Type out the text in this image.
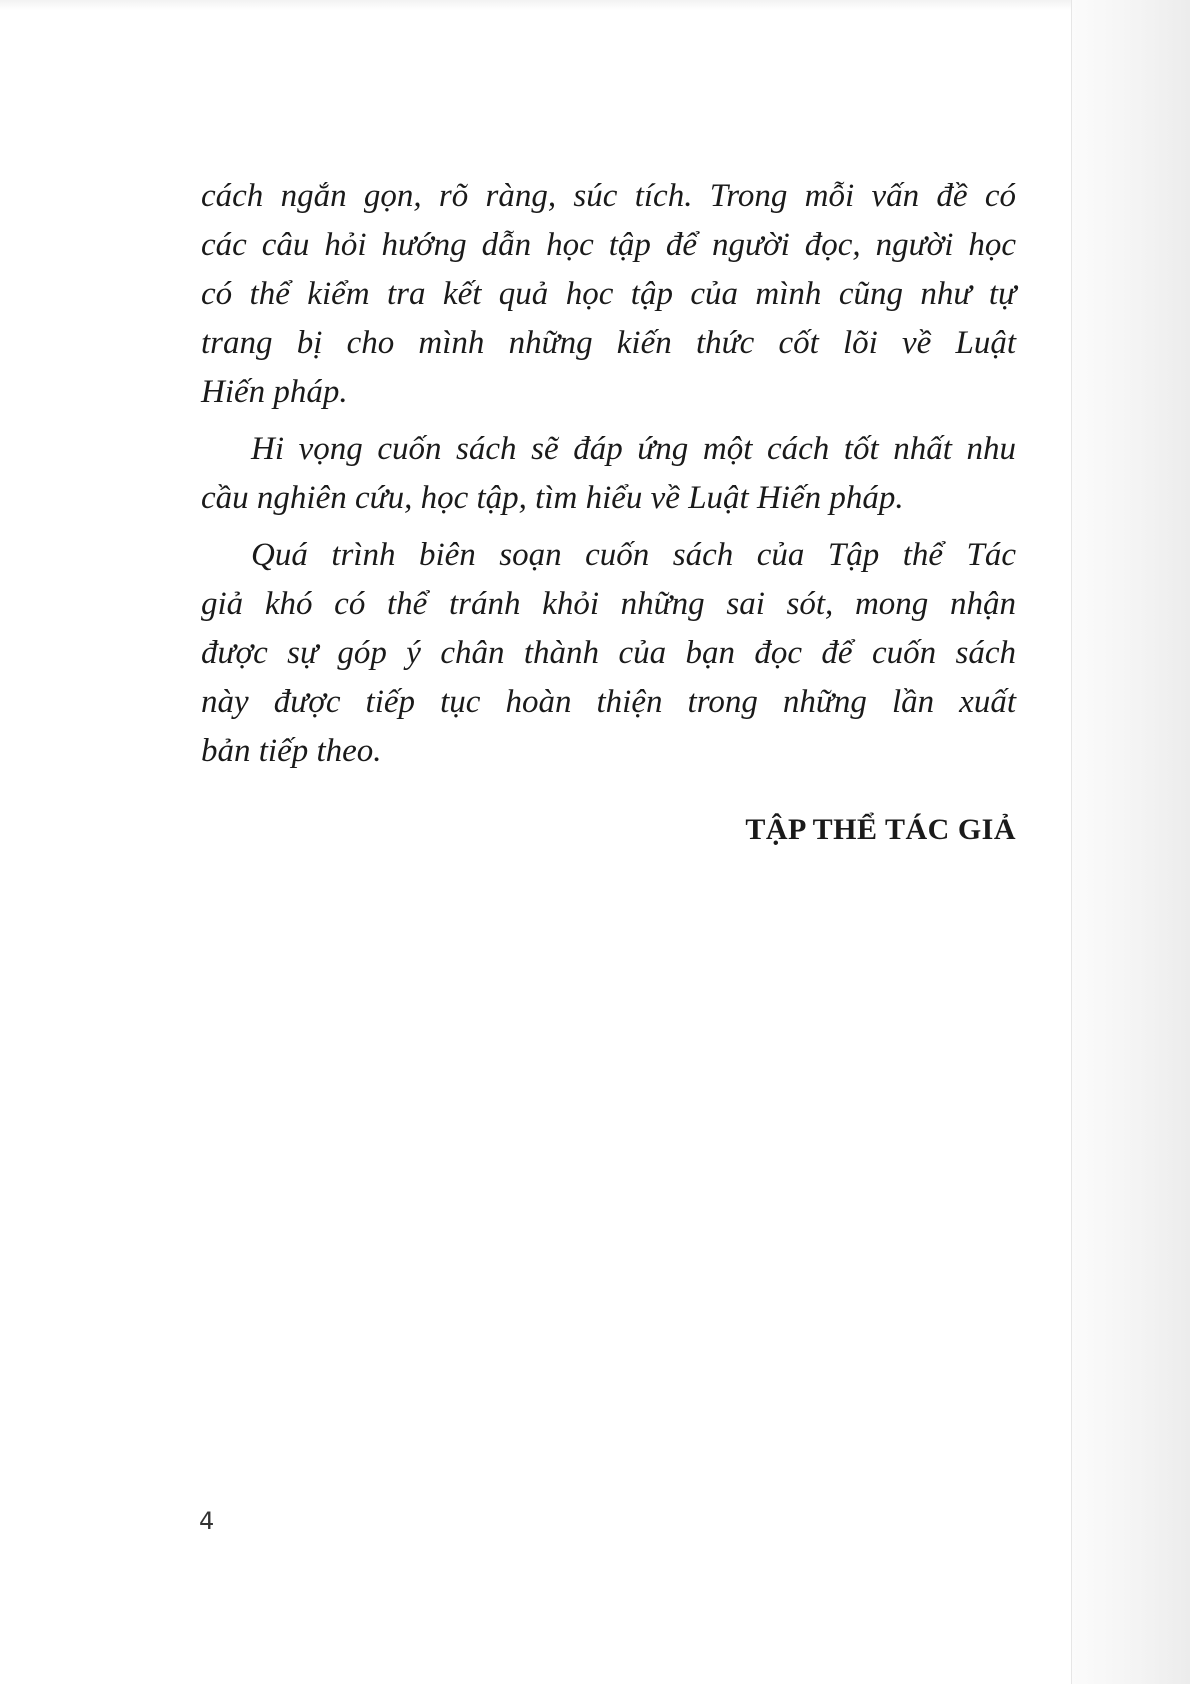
cách ngắn gọn, rõ ràng, súc tích. Trong mỗi vấn đề có
các câu hỏi hướng dẫn học tập để người đọc, người học
có thể kiểm tra kết quả học tập của mình cũng như tự
trang bị cho mình những kiến thức cốt lõi về Luật
Hiến pháp.
Hi vọng cuốn sách sẽ đáp ứng một cách tốt nhất nhu
cầu nghiên cứu, học tập, tìm hiểu về Luật Hiến pháp.
Quá trình biên soạn cuốn sách của Tập thể Tác
giả khó có thể tránh khỏi những sai sót, mong nhận
được sự góp ý chân thành của bạn đọc để cuốn sách
này được tiếp tục hoàn thiện trong những lần xuất
bản tiếp theo.
TẬP THỂ TÁC GIẢ
4
